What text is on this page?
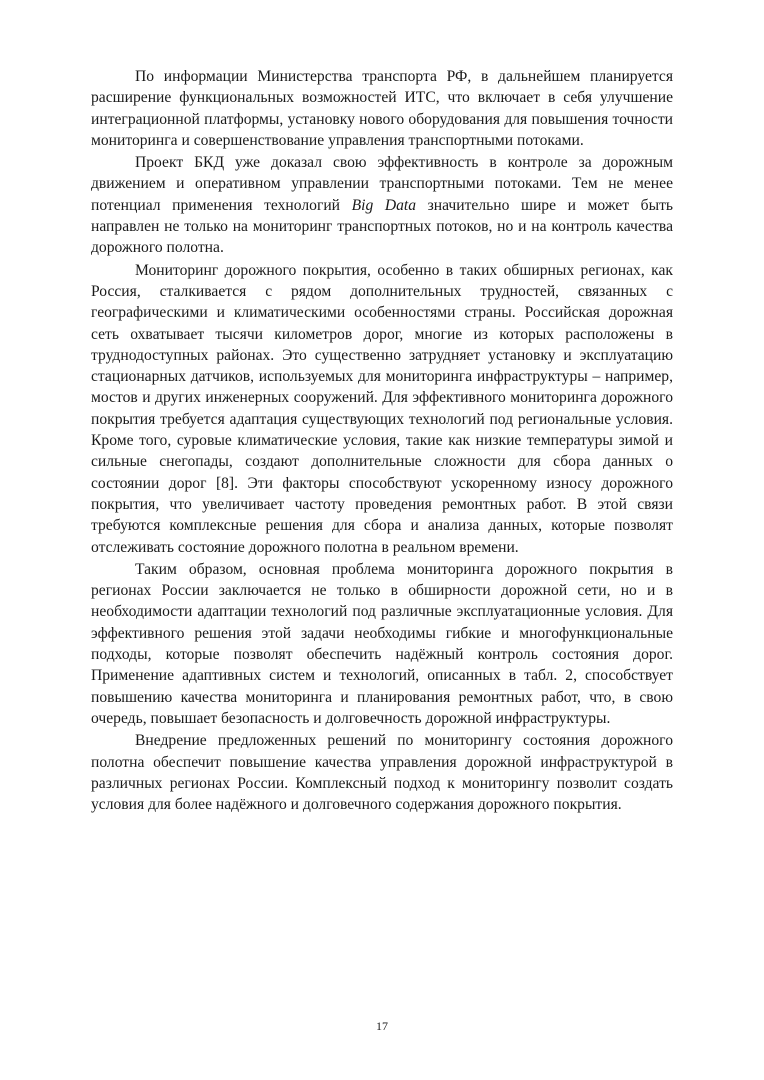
По информации Министерства транспорта РФ, в дальнейшем планируется расширение функциональных возможностей ИТС, что включает в себя улучшение интеграционной платформы, установку нового оборудования для повышения точности мониторинга и совершенствование управления транспортными потоками.

Проект БКД уже доказал свою эффективность в контроле за дорожным движением и оперативном управлении транспортными потоками. Тем не менее потенциал применения технологий Big Data значительно шире и может быть направлен не только на мониторинг транспортных потоков, но и на контроль качества дорожного полотна.

Мониторинг дорожного покрытия, особенно в таких обширных регионах, как Россия, сталкивается с рядом дополнительных трудностей, связанных с географическими и климатическими особенностями страны. Российская дорожная сеть охватывает тысячи километров дорог, многие из которых расположены в труднодоступных районах. Это существенно затрудняет установку и эксплуатацию стационарных датчиков, используемых для мониторинга инфраструктуры – например, мостов и других инженерных сооружений. Для эффективного мониторинга дорожного покрытия требуется адаптация существующих технологий под региональные условия. Кроме того, суровые климатические условия, такие как низкие температуры зимой и сильные снегопады, создают дополнительные сложности для сбора данных о состоянии дорог [8]. Эти факторы способствуют ускоренному износу дорожного покрытия, что увеличивает частоту проведения ремонтных работ. В этой связи требуются комплексные решения для сбора и анализа данных, которые позволят отслеживать состояние дорожного полотна в реальном времени.

Таким образом, основная проблема мониторинга дорожного покрытия в регионах России заключается не только в обширности дорожной сети, но и в необходимости адаптации технологий под различные эксплуатационные условия. Для эффективного решения этой задачи необходимы гибкие и многофункциональные подходы, которые позволят обеспечить надёжный контроль состояния дорог. Применение адаптивных систем и технологий, описанных в табл. 2, способствует повышению качества мониторинга и планирования ремонтных работ, что, в свою очередь, повышает безопасность и долговечность дорожной инфраструктуры.

Внедрение предложенных решений по мониторингу состояния дорожного полотна обеспечит повышение качества управления дорожной инфраструктурой в различных регионах России. Комплексный подход к мониторингу позволит создать условия для более надёжного и долговечного содержания дорожного покрытия.

17
